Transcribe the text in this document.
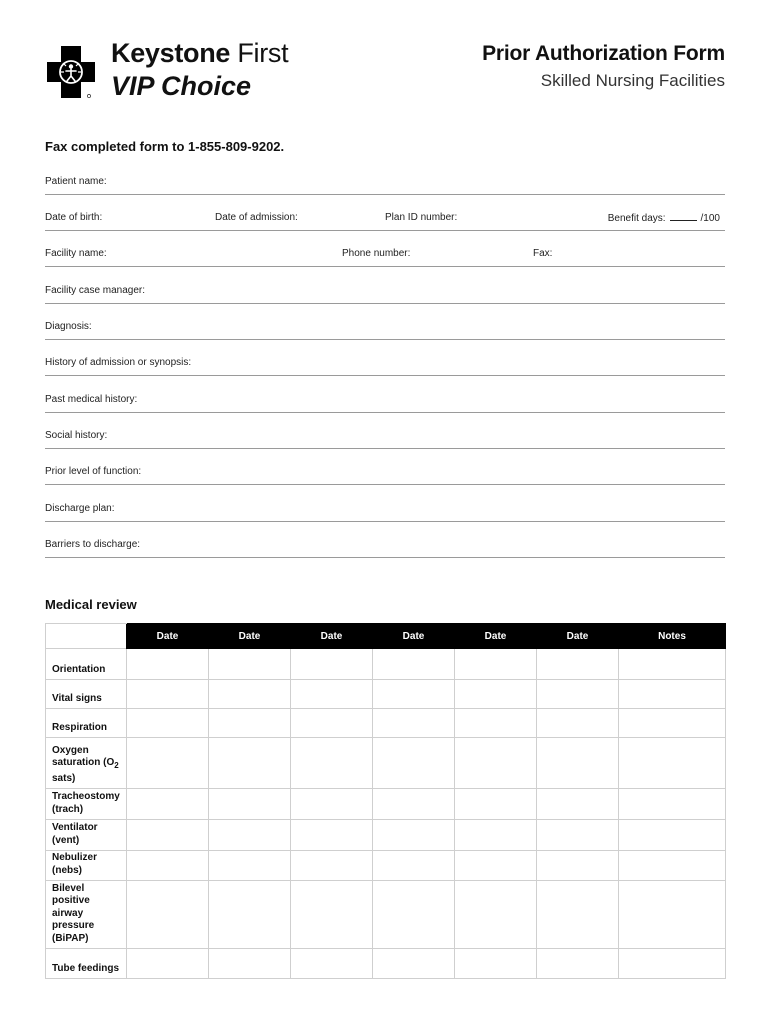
Keystone First
VIP Choice
Prior Authorization Form
Skilled Nursing Facilities
Fax completed form to 1-855-809-9202.
Patient name:
Date of birth:	Date of admission:	Plan ID number:	Benefit days:	/100
Facility name:	Phone number:	Fax:
Facility case manager:
Diagnosis:
History of admission or synopsis:
Past medical history:
Social history:
Prior level of function:
Discharge plan:
Barriers to discharge:
Medical review
	Date	Date	Date	Date	Date	Date	Notes
Orientation							
Vital signs							
Respiration							
Oxygen saturation ($O_2$ sats)							
Tracheostomy (trach)							
Ventilator (vent)							
Nebulizer (nebs)							
Bilevel positive airway pressure (BiPAP)							
Tube feedings							
